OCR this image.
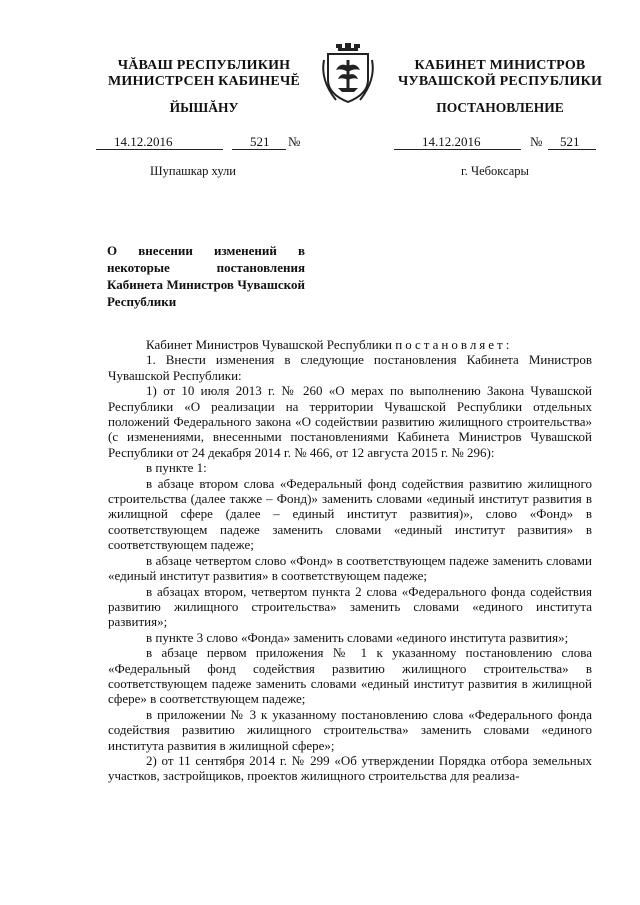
ЧĂВАШ РЕСПУБЛИКИН
МИНИСТРСЕН КАБИНЕЧĔ
ЙЫШĂНУ
КАБИНЕТ МИНИСТРОВ
ЧУВАШСКОЙ РЕСПУБЛИКИ
ПОСТАНОВЛЕНИЕ
14.12.2016	521 №	14.12.2016	№ 521
Шупашкар хули	г. Чебоксары
О внесении изменений в некоторые постановления Кабинета Министров Чувашской Республики

Кабинет Министров Чувашской Республики постановляет:

1. Внести изменения в следующие постановления Кабинета Министров Чувашской Республики:

1) от 10 июля 2013 г. № 260 «О мерах по выполнению Закона Чувашской Республики «О реализации на территории Чувашской Республики отдельных положений Федерального закона «О содействии развитию жилищного строительства» (с изменениями, внесенными постановлениями Кабинета Министров Чувашской Республики от 24 декабря 2014 г. № 466, от 12 августа 2015 г. № 296):

в пункте 1:

в абзаце втором слова «Федеральный фонд содействия развитию жилищного строительства (далее также – Фонд)» заменить словами «единый институт развития в жилищной сфере (далее – единый институт развития)», слово «Фонд» в соответствующем падеже заменить словами «единый институт развития» в соответствующем падеже;

в абзаце четвертом слово «Фонд» в соответствующем падеже заменить словами «единый институт развития» в соответствующем падеже;

в абзацах втором, четвертом пункта 2 слова «Федерального фонда содействия развитию жилищного строительства» заменить словами «единого института развития»;

в пункте 3 слово «Фонда» заменить словами «единого института развития»;

в абзаце первом приложения № 1 к указанному постановлению слова «Федеральный фонд содействия развитию жилищного строительства» в соответствующем падеже заменить словами «единый институт развития в жилищной сфере» в соответствующем падеже;

в приложении № 3 к указанному постановлению слова «Федерального фонда содействия развитию жилищного строительства» заменить словами «единого института развития в жилищной сфере»;

2) от 11 сентября 2014 г. № 299 «Об утверждении Порядка отбора земельных участков, застройщиков, проектов жилищного строительства для реализа-
